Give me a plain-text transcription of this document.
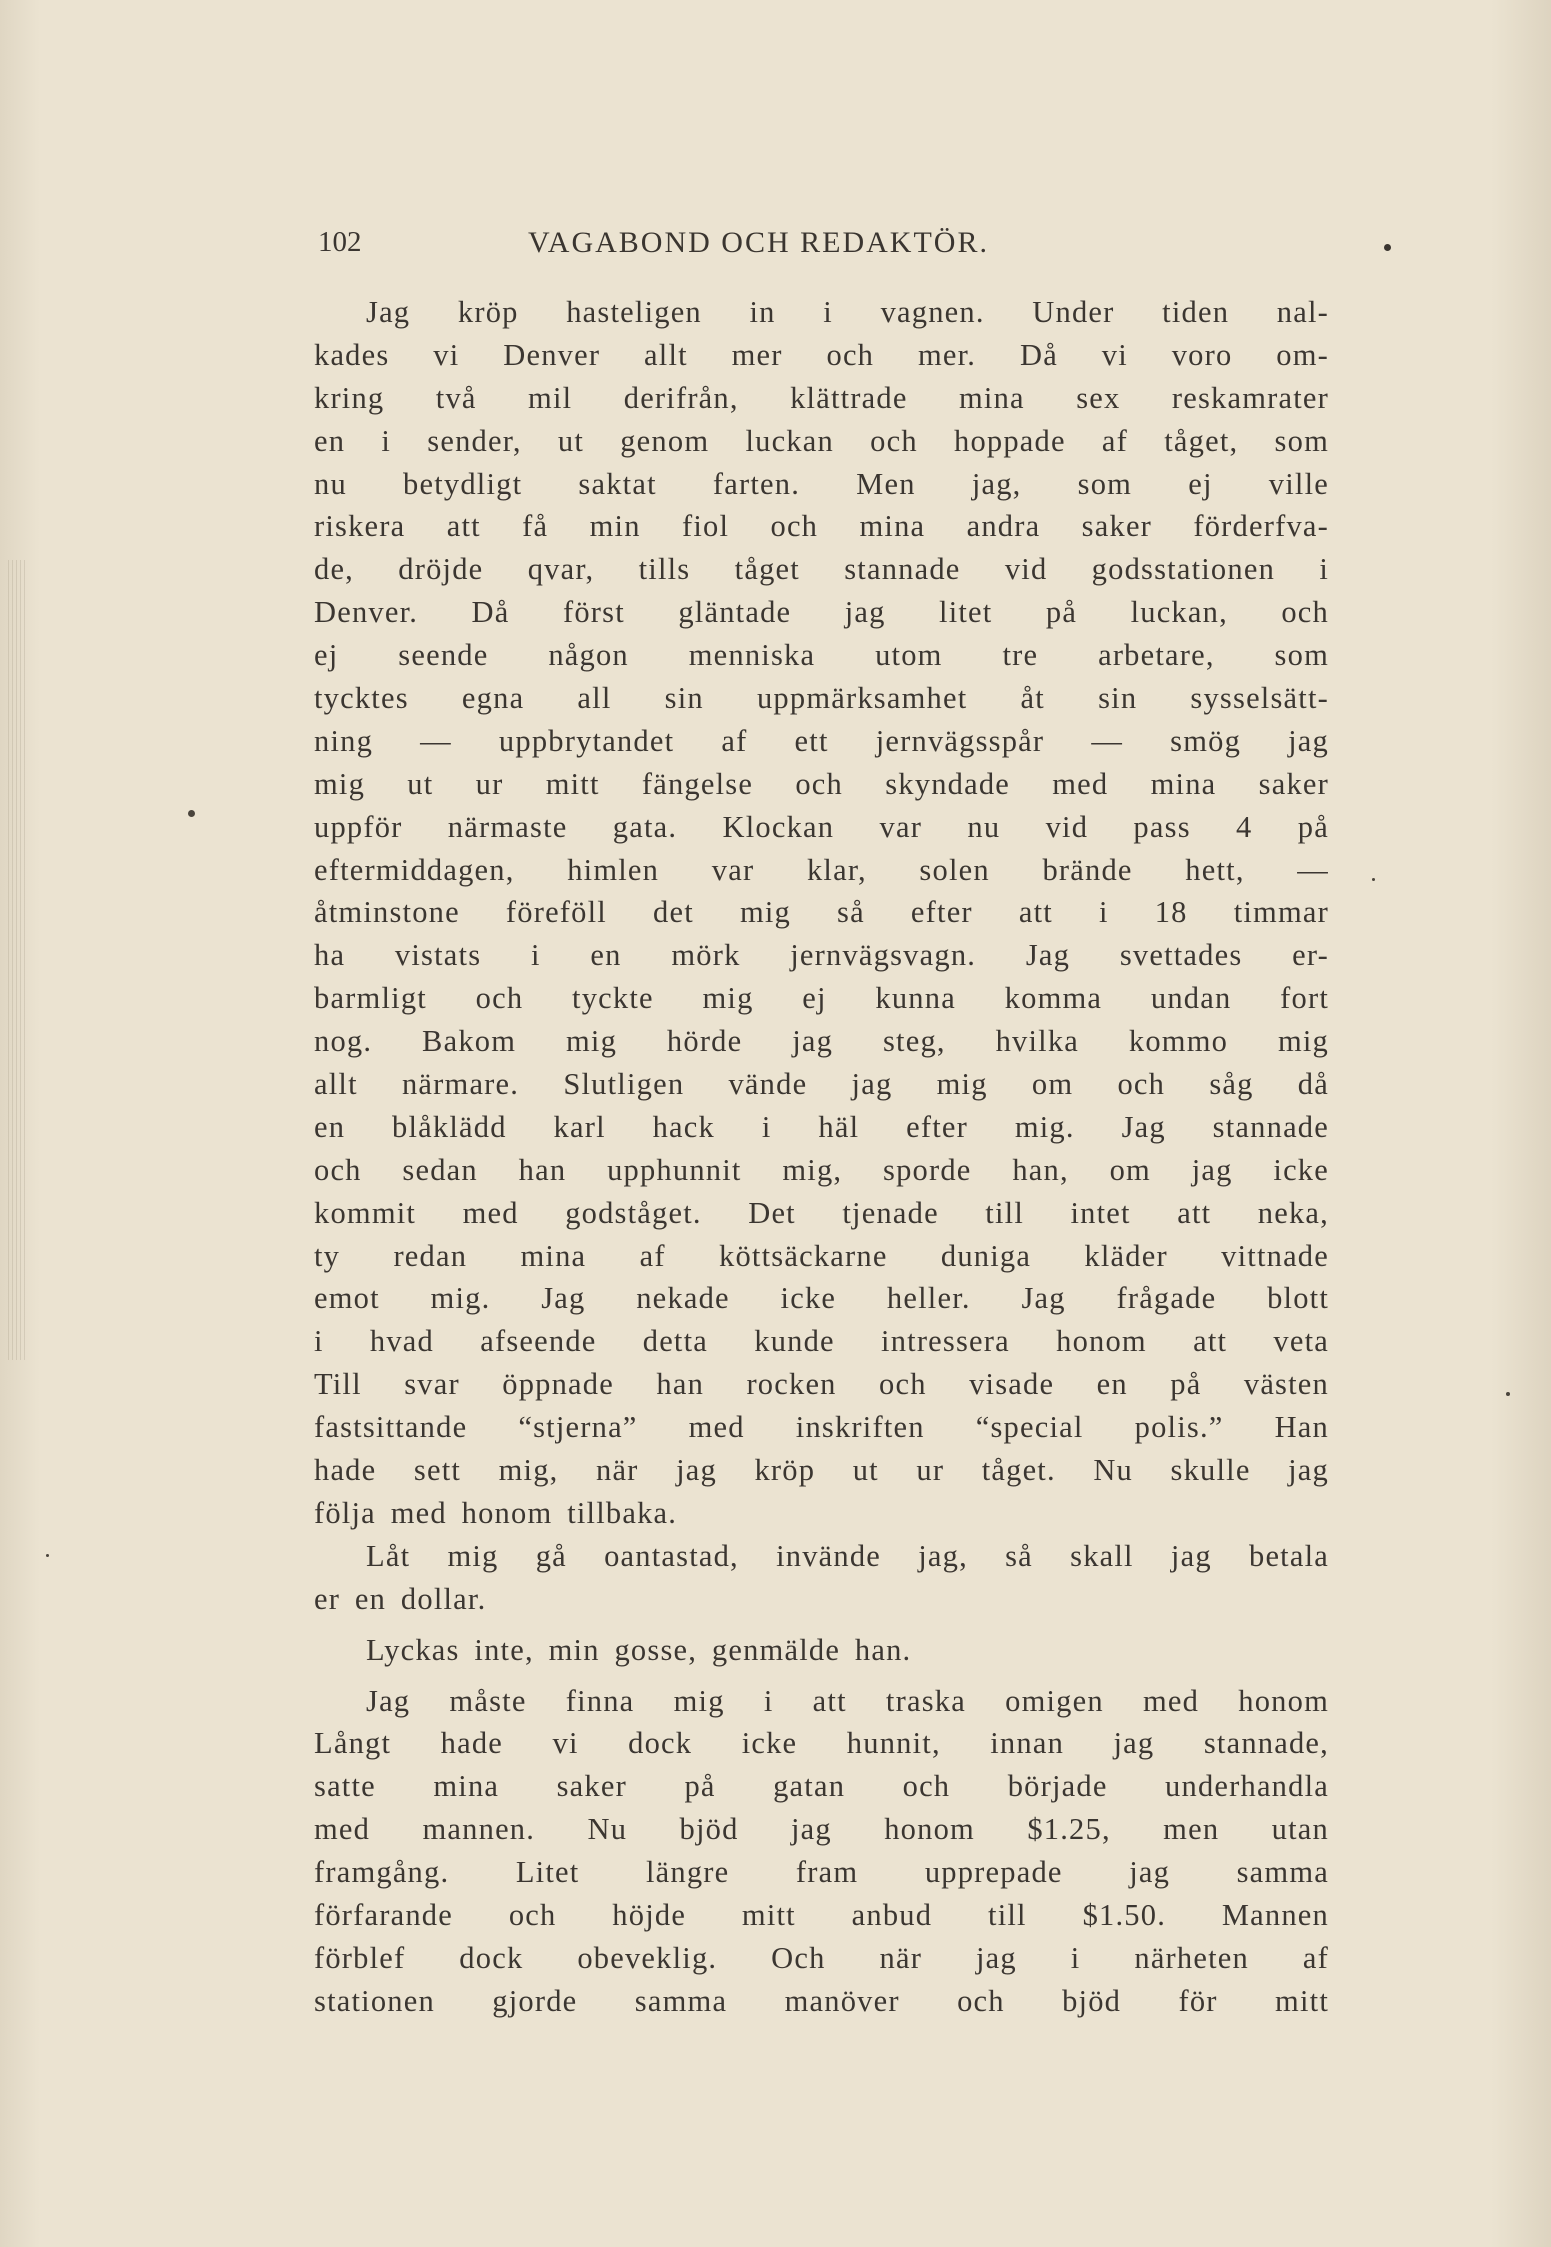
102	VAGABOND OCH REDAKTÖR.
Jag kröp hasteligen in i vagnen. Under tiden nal-
kades vi Denver allt mer och mer. Då vi voro om-
kring två mil derifrån, klättrade mina sex reskamrater
en i sender, ut genom luckan och hoppade af tåget, som
nu betydligt saktat farten. Men jag, som ej ville
riskera att få min fiol och mina andra saker förderfva-
de, dröjde qvar, tills tåget stannade vid godsstationen i
Denver. Då först gläntade jag litet på luckan, och
ej seende någon menniska utom tre arbetare, som
tycktes egna all sin uppmärksamhet åt sin sysselsätt-
ning — uppbrytandet af ett jernvägsspår — smög jag
mig ut ur mitt fängelse och skyndade med mina saker
uppför närmaste gata. Klockan var nu vid pass 4 på
eftermiddagen, himlen var klar, solen brände hett, —
åtminstone föreföll det mig så efter att i 18 timmar
ha vistats i en mörk jernvägsvagn. Jag svettades er-
barmligt och tyckte mig ej kunna komma undan fort
nog. Bakom mig hörde jag steg, hvilka kommo mig
allt närmare. Slutligen vände jag mig om och såg då
en blåklädd karl hack i häl efter mig. Jag stannade
och sedan han upphunnit mig, sporde han, om jag icke
kommit med godståget. Det tjenade till intet att neka,
ty redan mina af köttsäckarne duniga kläder vittnade
emot mig. Jag nekade icke heller. Jag frågade blott
i hvad afseende detta kunde intressera honom att veta
Till svar öppnade han rocken och visade en på västen
fastsittande “stjerna” med inskriften “special polis.” Han
hade sett mig, när jag kröp ut ur tåget. Nu skulle jag
följa med honom tillbaka.
Låt mig gå oantastad, invände jag, så skall jag betala
er en dollar.
Lyckas inte, min gosse, genmälde han.
Jag måste finna mig i att traska omigen med honom
Långt hade vi dock icke hunnit, innan jag stannade,
satte mina saker på gatan och började underhandla
med mannen. Nu bjöd jag honom $1.25, men utan
framgång. Litet längre fram upprepade jag samma
förfarande och höjde mitt anbud till $1.50. Mannen
förblef dock obeveklig. Och när jag i närheten af
stationen gjorde samma manöver och bjöd för mitt
